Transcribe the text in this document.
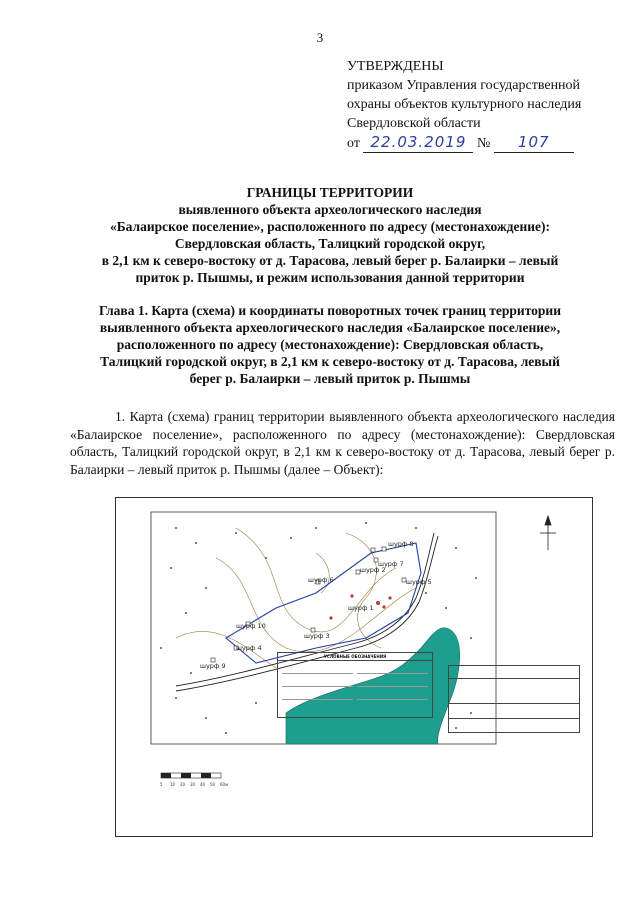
3
УТВЕРЖДЕНЫ
приказом Управления государственной
охраны объектов культурного наследия
Свердловской области
от 22.03.2019 № 107
ГРАНИЦЫ ТЕРРИТОРИИ
выявленного объекта археологического наследия
«Балаирское поселение», расположенного по адресу (местонахождение):
Свердловская область, Талицкий городской округ,
в 2,1 км к северо-востоку от д. Тарасова, левый берег р. Балаирки – левый
приток р. Пышмы, и режим использования данной территории
Глава 1. Карта (схема) и координаты поворотных точек границ территории
выявленного объекта археологического наследия «Балаирское поселение»,
расположенного по адресу (местонахождение): Свердловская область,
Талицкий городской округ, в 2,1 км к северо-востоку от д. Тарасова, левый
берег р. Балаирки – левый приток р. Пышмы
1. Карта (схема) границ территории выявленного объекта археологического наследия «Балаирское поселение», расположенного по адресу (местонахождение): Свердловская область, Талицкий городской округ, в 2,1 км к северо-востоку от д. Тарасова, левый берег р. Балаирки – левый приток р. Пышмы (далее – Объект):
шурф 8
шурф 7
шурф 2
шурф 5
шурф 6
шурф 1
шурф 3
шурф 10
шурф 4
шурф 9
5 10 20 30 40 50 60м
УСЛОВНЫЕ ОБОЗНАЧЕНИЯ
